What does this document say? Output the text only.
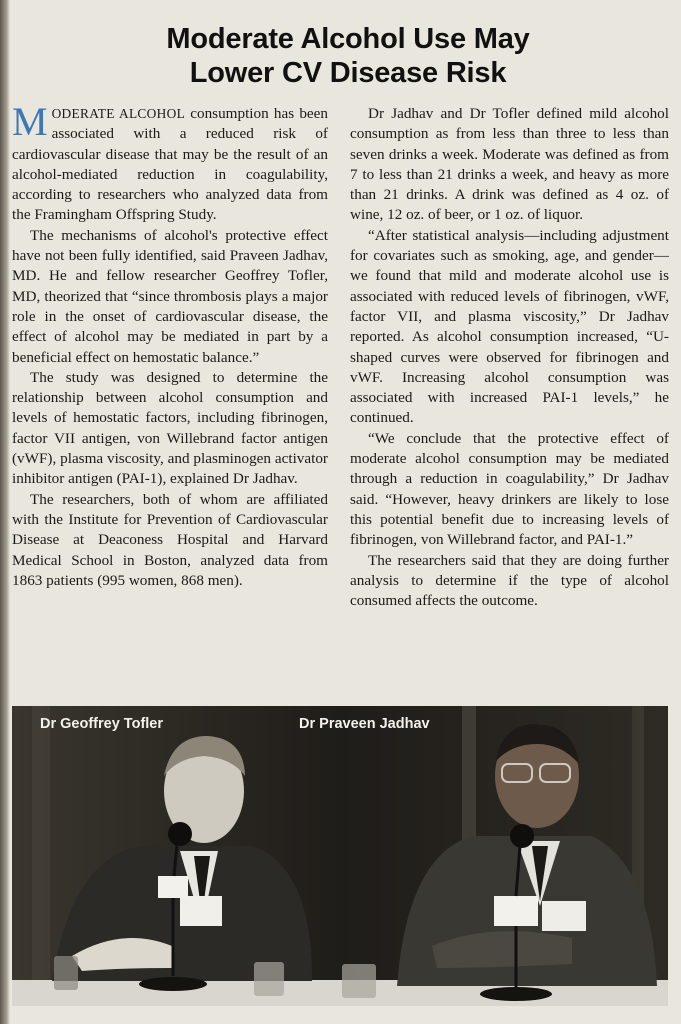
Moderate Alcohol Use May
Lower CV Disease Risk

MODERATE ALCOHOL consumption has been associated with a reduced risk of cardiovascular disease that may be the result of an alcohol-mediated reduction in coagulability, according to researchers who analyzed data from the Framingham Offspring Study.

The mechanisms of alcohol's protective effect have not been fully identified, said Praveen Jadhav, MD. He and fellow researcher Geoffrey Tofler, MD, theorized that “since thrombosis plays a major role in the onset of cardiovascular disease, the effect of alcohol may be mediated in part by a beneficial effect on hemostatic balance.”

The study was designed to determine the relationship between alcohol consumption and levels of hemostatic factors, including fibrinogen, factor VII antigen, von Willebrand factor antigen (vWF), plasma viscosity, and plasminogen activator inhibitor antigen (PAI-1), explained Dr Jadhav.

The researchers, both of whom are affiliated with the Institute for Prevention of Cardiovascular Disease at Deaconess Hospital and Harvard Medical School in Boston, analyzed data from 1863 patients (995 women, 868 men).

Dr Jadhav and Dr Tofler defined mild alcohol consumption as from less than three to less than seven drinks a week. Moderate was defined as from 7 to less than 21 drinks a week, and heavy as more than 21 drinks. A drink was defined as 4 oz. of wine, 12 oz. of beer, or 1 oz. of liquor.

“After statistical analysis—including adjustment for covariates such as smoking, age, and gender—we found that mild and moderate alcohol use is associated with reduced levels of fibrinogen, vWF, factor VII, and plasma viscosity,” Dr Jadhav reported. As alcohol consumption increased, “U-shaped curves were observed for fibrinogen and vWF. Increasing alcohol consumption was associated with increased PAI-1 levels,” he continued.

“We conclude that the protective effect of moderate alcohol consumption may be mediated through a reduction in coagulability,” Dr Jadhav said. “However, heavy drinkers are likely to lose this potential benefit due to increasing levels of fibrinogen, von Willebrand factor, and PAI-1.”

The researchers said that they are doing further analysis to determine if the type of alcohol consumed affects the outcome.

Dr Geoffrey Tofler	Dr Praveen Jadhav
